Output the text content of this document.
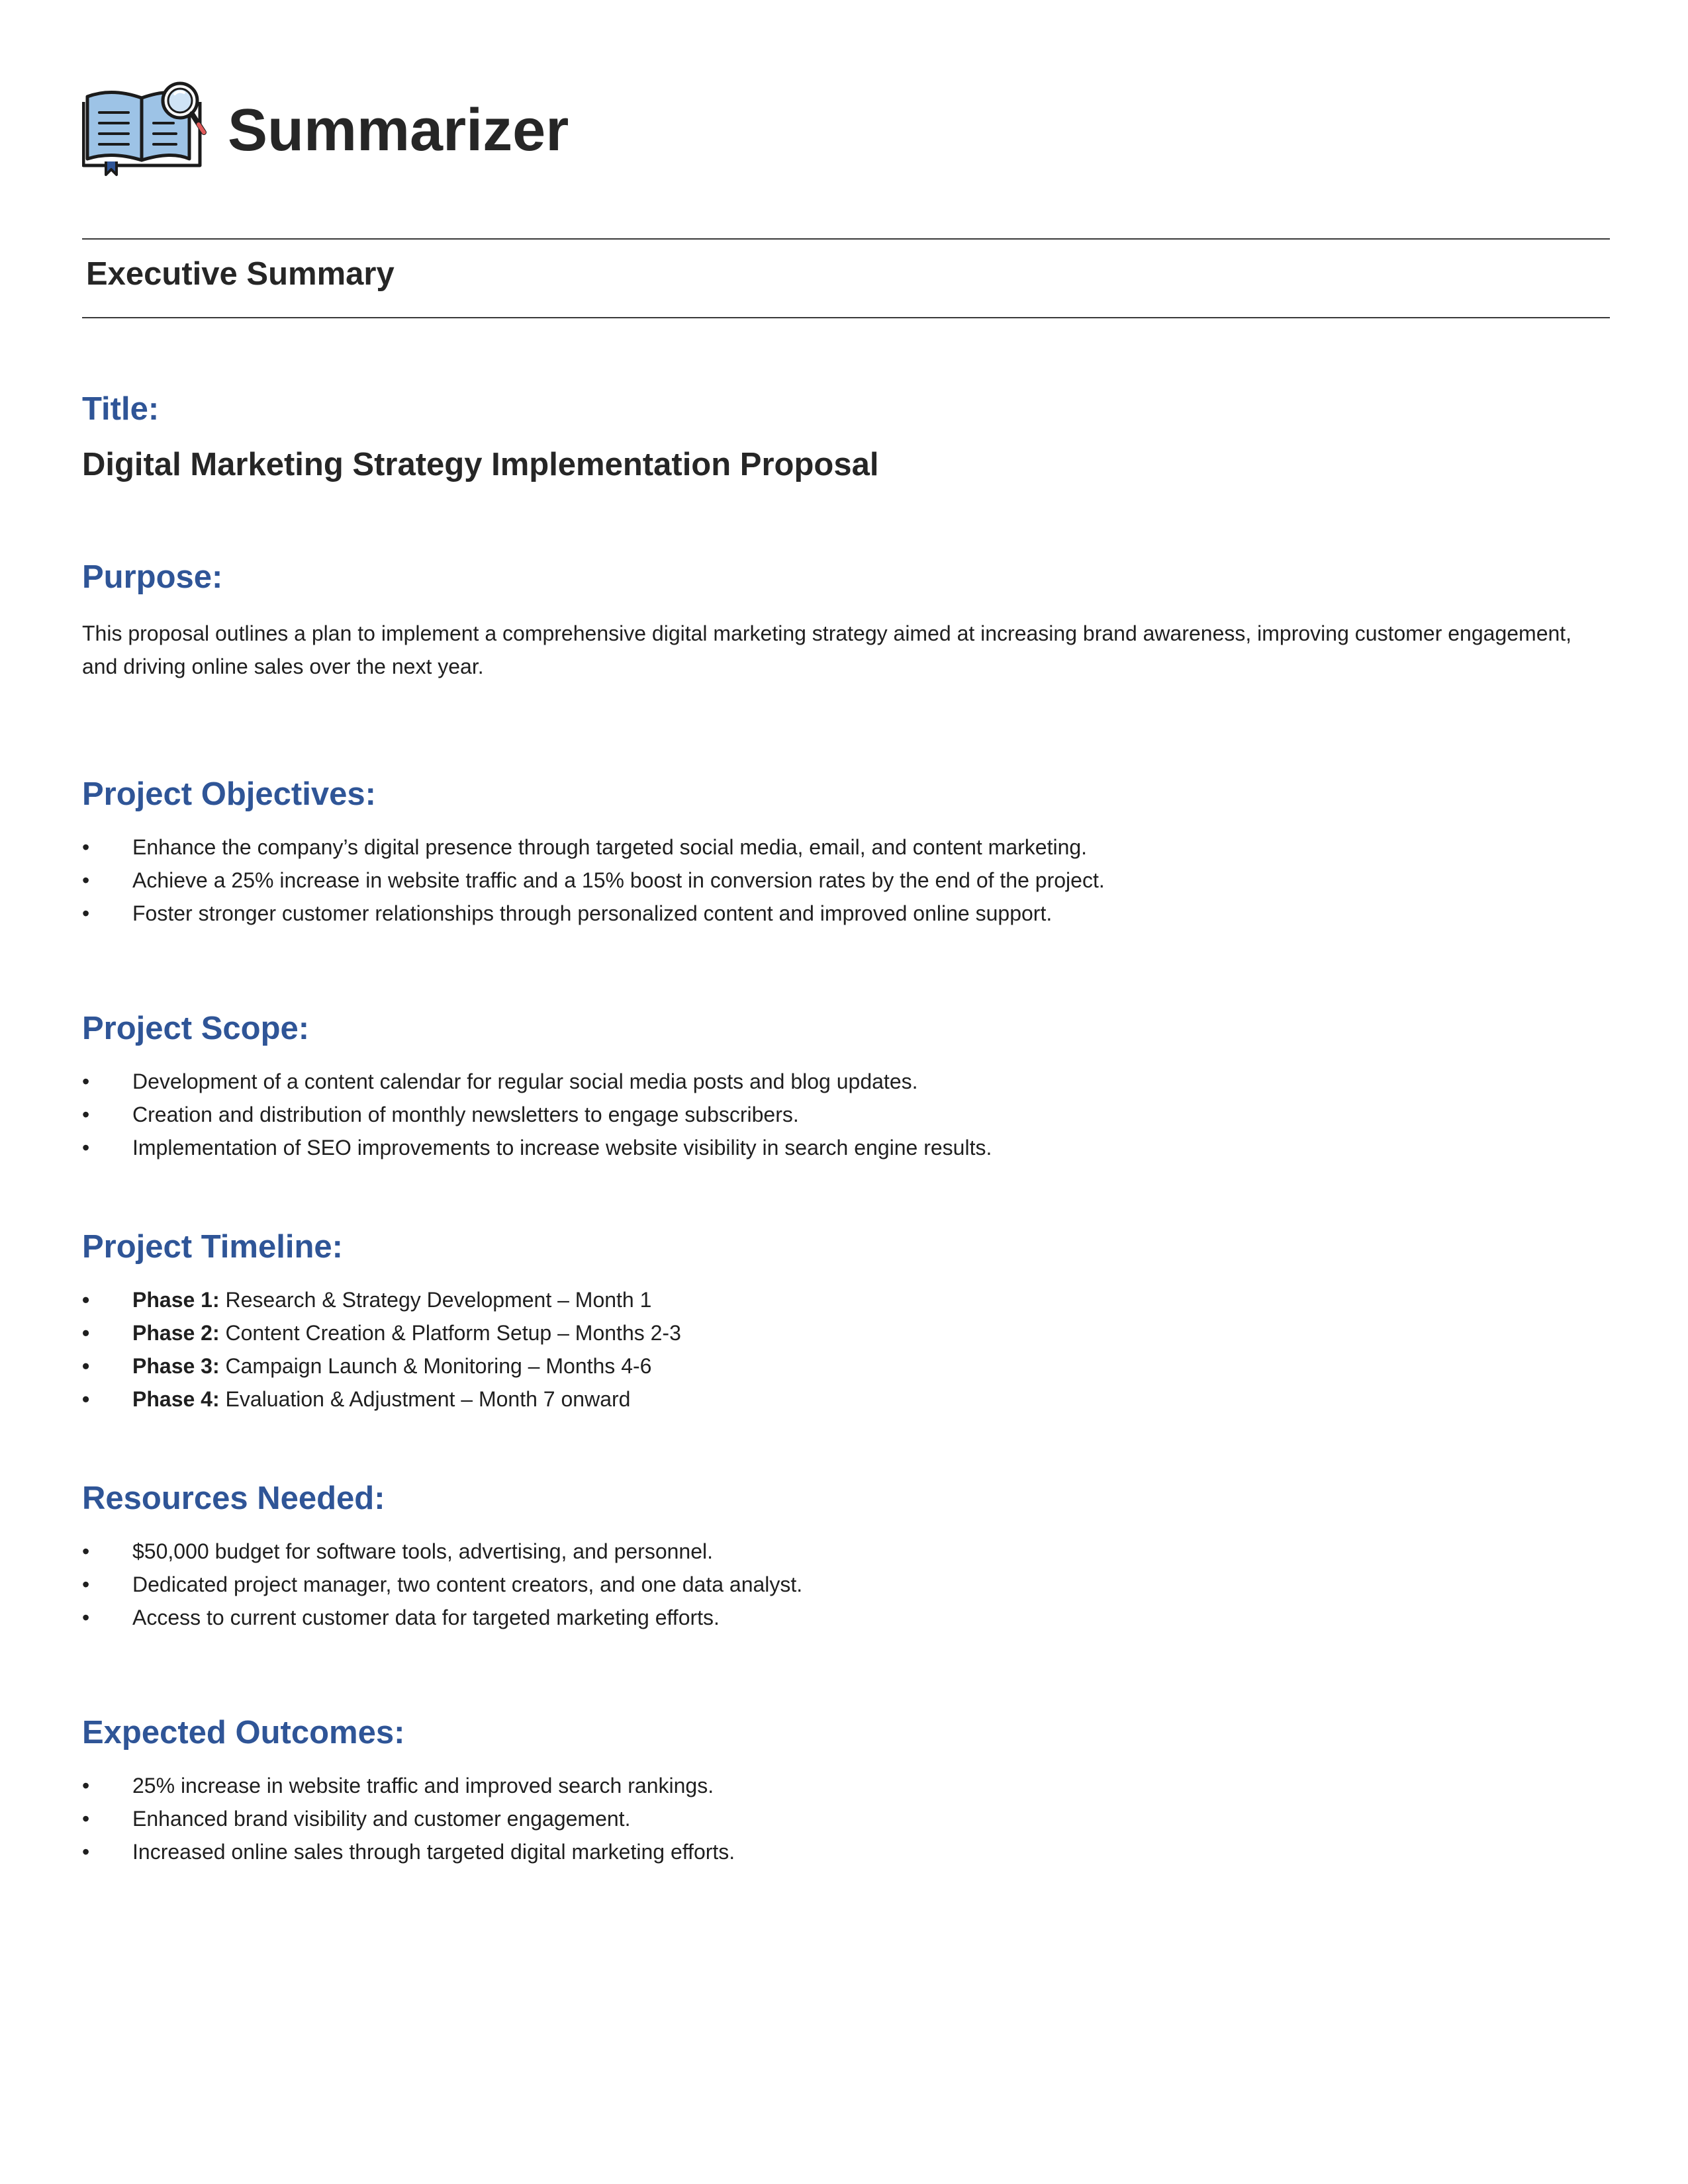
Summarizer
Executive Summary
Title:
Digital Marketing Strategy Implementation Proposal
Purpose:
This proposal outlines a plan to implement a comprehensive digital marketing strategy aimed at increasing brand awareness, improving customer engagement, and driving online sales over the next year.
Project Objectives:
•	Enhance the company’s digital presence through targeted social media, email, and content marketing.
•	Achieve a 25% increase in website traffic and a 15% boost in conversion rates by the end of the project.
•	Foster stronger customer relationships through personalized content and improved online support.
Project Scope:
•	Development of a content calendar for regular social media posts and blog updates.
•	Creation and distribution of monthly newsletters to engage subscribers.
•	Implementation of SEO improvements to increase website visibility in search engine results.
Project Timeline:
•	Phase 1: Research & Strategy Development – Month 1
•	Phase 2: Content Creation & Platform Setup – Months 2-3
•	Phase 3: Campaign Launch & Monitoring – Months 4-6
•	Phase 4: Evaluation & Adjustment – Month 7 onward
Resources Needed:
•	$50,000 budget for software tools, advertising, and personnel.
•	Dedicated project manager, two content creators, and one data analyst.
•	Access to current customer data for targeted marketing efforts.
Expected Outcomes:
•	25% increase in website traffic and improved search rankings.
•	Enhanced brand visibility and customer engagement.
•	Increased online sales through targeted digital marketing efforts.
